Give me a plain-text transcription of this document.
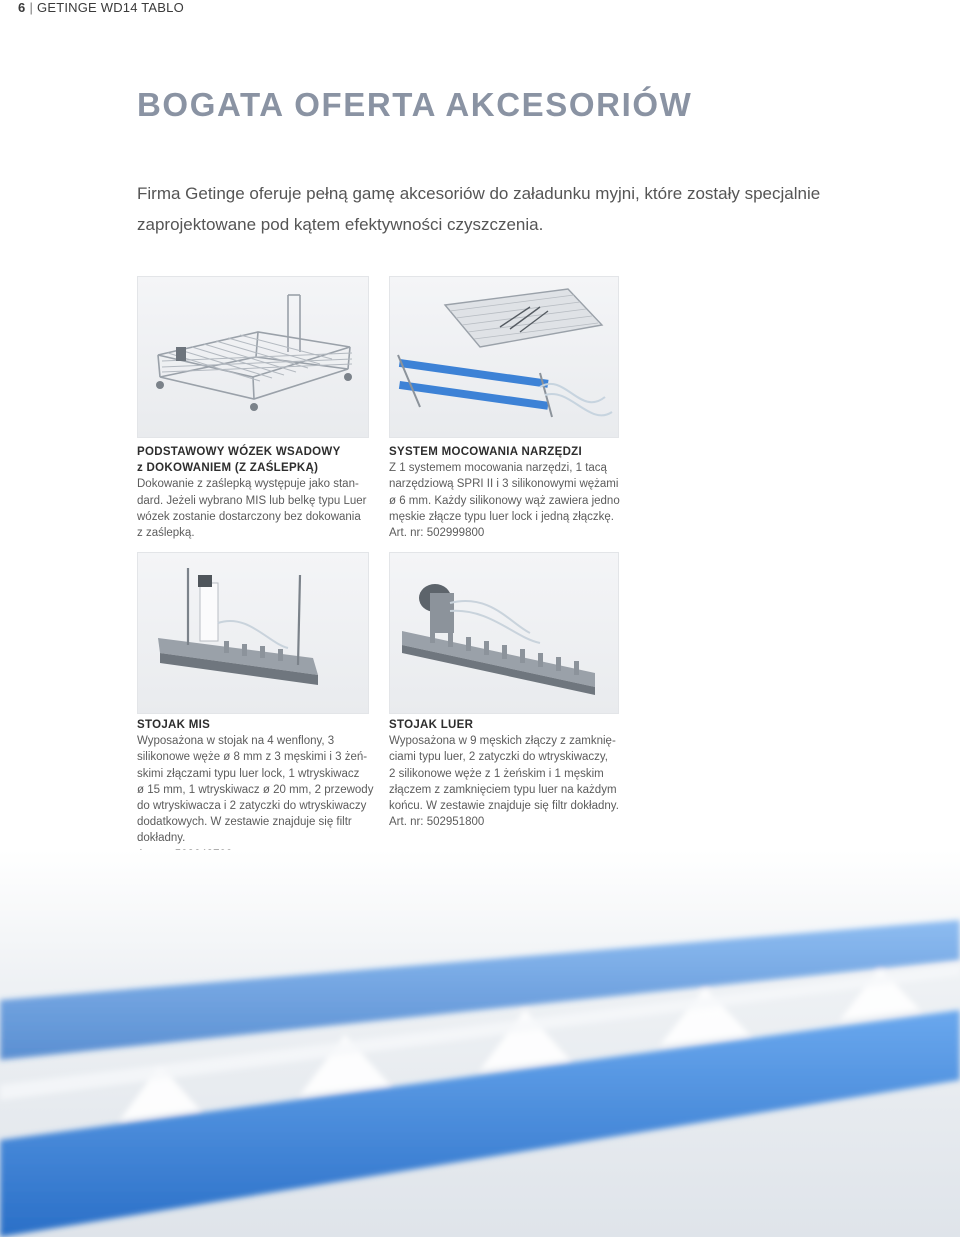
6 | GETINGE WD14 TABLO
BOGATA OFERTA AKCESORIÓW

Firma Getinge oferuje pełną gamę akcesoriów do załadunku myjni, które zostały specjalnie
zaprojektowane pod kątem efektywności czyszczenia.

PODSTAWOWY WÓZEK WSADOWY
z DOKOWANIEM (Z ZAŚLEPKĄ)
Dokowanie z zaślepką występuje jako stan-
dard. Jeżeli wybrano MIS lub belkę typu Luer
wózek zostanie dostarczony bez dokowania
z zaślepką.
SYSTEM MOCOWANIA NARZĘDZI
Z 1 systemem mocowania narzędzi, 1 tacą
narzędziową SPRI II i 3 silikonowymi wężami
ø 6 mm. Każdy silikonowy wąż zawiera jedno
męskie złącze typu luer lock i jedną złączkę.
Art. nr: 502999800
STOJAK MIS
Wyposażona w stojak na 4 wenflony, 3
silikonowe węże ø 8 mm z 3 męskimi i 3 żeń-
skimi złączami typu luer lock, 1 wtryskiwacz
ø 15 mm, 1 wtryskiwacz ø 20 mm, 2 przewody
do wtryskiwacza i 2 zatyczki do wtryskiwaczy
dodatkowych. W zestawie znajduje się filtr
dokładny.
STOJAK LUER
Wyposażona w 9 męskich złączy z zamknię-
ciami typu luer, 2 zatyczki do wtryskiwaczy,
2 silikonowe węże z 1 żeńskim i 1 męskim
złączem z zamknięciem typu luer na każdym
końcu. W zestawie znajduje się filtr dokładny.
Art. nr: 502951800
